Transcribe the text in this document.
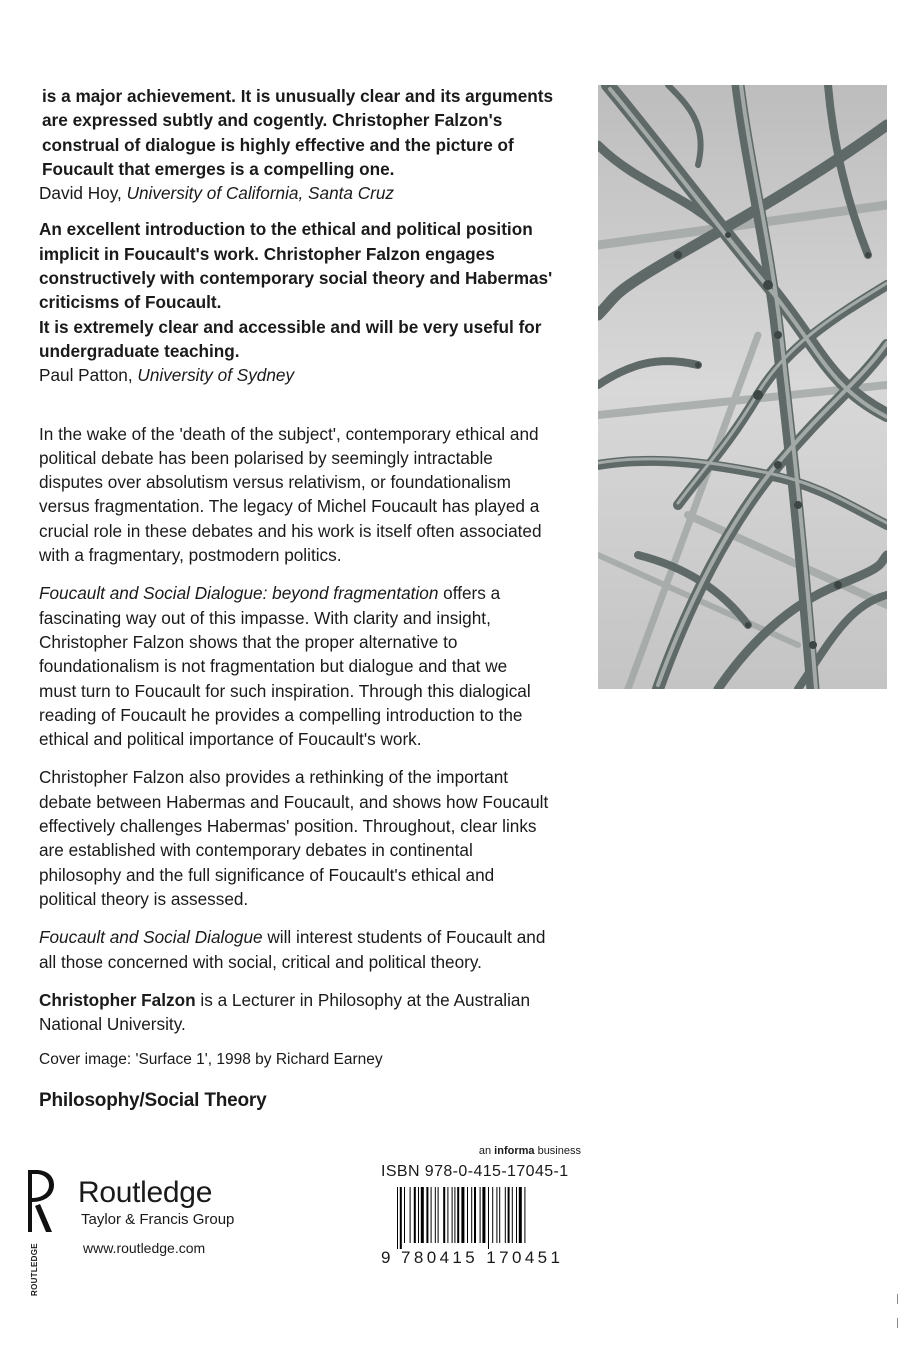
is a major achievement. It is unusually clear and its arguments
are expressed subtly and cogently. Christopher Falzon's
construal of dialogue is highly effective and the picture of
Foucault that emerges is a compelling one.

David Hoy, University of California, Santa Cruz

An excellent introduction to the ethical and political position
implicit in Foucault's work. Christopher Falzon engages
constructively with contemporary social theory and Habermas'
criticisms of Foucault.
It is extremely clear and accessible and will be very useful for
undergraduate teaching.

Paul Patton, University of Sydney

In the wake of the 'death of the subject', contemporary ethical and
political debate has been polarised by seemingly intractable
disputes over absolutism versus relativism, or foundationalism
versus fragmentation. The legacy of Michel Foucault has played a
crucial role in these debates and his work is itself often associated
with a fragmentary, postmodern politics.

Foucault and Social Dialogue: beyond fragmentation offers a
fascinating way out of this impasse. With clarity and insight,
Christopher Falzon shows that the proper alternative to
foundationalism is not fragmentation but dialogue and that we
must turn to Foucault for such inspiration. Through this dialogical
reading of Foucault he provides a compelling introduction to the
ethical and political importance of Foucault's work.

Christopher Falzon also provides a rethinking of the important
debate between Habermas and Foucault, and shows how Foucault
effectively challenges Habermas' position. Throughout, clear links
are established with contemporary debates in continental
philosophy and the full significance of Foucault's ethical and
political theory is assessed.

Foucault and Social Dialogue will interest students of Foucault and
all those concerned with social, critical and political theory.

Christopher Falzon is a Lecturer in Philosophy at the Australian
National University.

Cover image: 'Surface 1', 1998 by Richard Earney

Philosophy/Social Theory

ROUTLEDGE
Routledge
Taylor & Francis Group
www.routledge.com
an informa business
ISBN 978-0-415-17045-1
9 780415 170451
